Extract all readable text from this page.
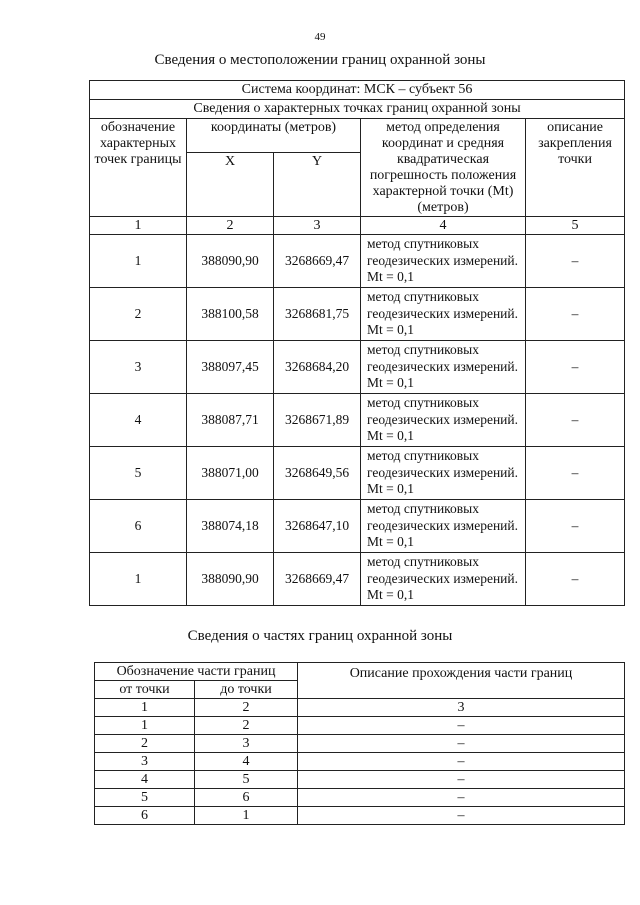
49
Сведения о местоположении границ охранной зоны
Система координат: МСК – субъект 56				
Сведения о характерных точках границ охранной зоны				
обозначение характерных точек границы	координаты (метров)		метод определения координат и средняя квадратическая погрешность положения характерной точки (Mt) (метров)	описание закрепления точки
	X	Y		
1	2	3	4	5
1	388090,90	3268669,47	метод спутниковых геодезических измерений. Mt = 0,1	–
2	388100,58	3268681,75	метод спутниковых геодезических измерений. Mt = 0,1	–
3	388097,45	3268684,20	метод спутниковых геодезических измерений. Mt = 0,1	–
4	388087,71	3268671,89	метод спутниковых геодезических измерений. Mt = 0,1	–
5	388071,00	3268649,56	метод спутниковых геодезических измерений. Mt = 0,1	–
6	388074,18	3268647,10	метод спутниковых геодезических измерений. Mt = 0,1	–
1	388090,90	3268669,47	метод спутниковых геодезических измерений. Mt = 0,1	–
Сведения о частях границ охранной зоны
Обозначение части границ		Описание прохождения части границ
от точки	до точки	
1	2	3
1	2	–
2	3	–
3	4	–
4	5	–
5	6	–
6	1	–
